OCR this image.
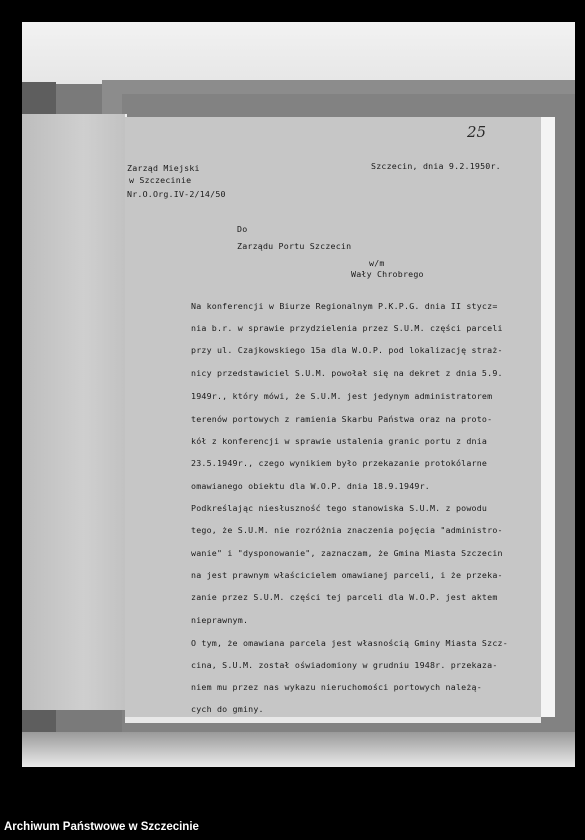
25
Zarząd Miejski
w Szczecinie
Nr.O.Org.IV-2/14/50
Szczecin, dnia 9.2.1950r.
Do
Zarządu Portu Szczecin
w/m
Wały Chrobrego
Na konferencji w Biurze Regionalnym P.K.P.G. dnia II stycz=
nia b.r. w sprawie przydzielenia przez S.U.M. części parceli
przy ul. Czajkowskiego 15a dla W.O.P. pod lokalizację straż-
nicy przedstawiciel S.U.M. powołał się na dekret z dnia 5.9.
1949r., który mówi, że S.U.M. jest jedynym administratorem
terenów portowych z ramienia Skarbu Państwa oraz na proto-
kół z konferencji w sprawie ustalenia granic portu z dnia
23.5.1949r., czego wynikiem było przekazanie protokólarne
omawianego obiektu dla W.O.P. dnia 18.9.1949r.
Podkreślając niesłuszność tego stanowiska S.U.M. z powodu
tego, że S.U.M. nie rozróżnia znaczenia pojęcia "administro-
wanie" i "dysponowanie", zaznaczam, że Gmina Miasta Szczecin
na jest prawnym właścicielem omawianej parceli, i że przeka-
zanie przez S.U.M. części tej parceli dla W.O.P. jest aktem
nieprawnym.
O tym, że omawiana parcela jest własnością Gminy Miasta Szcz-
cina, S.U.M. został oświadomiony w grudniu 1948r. przekaza-
niem mu przez nas wykazu nieruchomości portowych należą-
cych do gminy.
Archiwum Państwowe w Szczecinie
